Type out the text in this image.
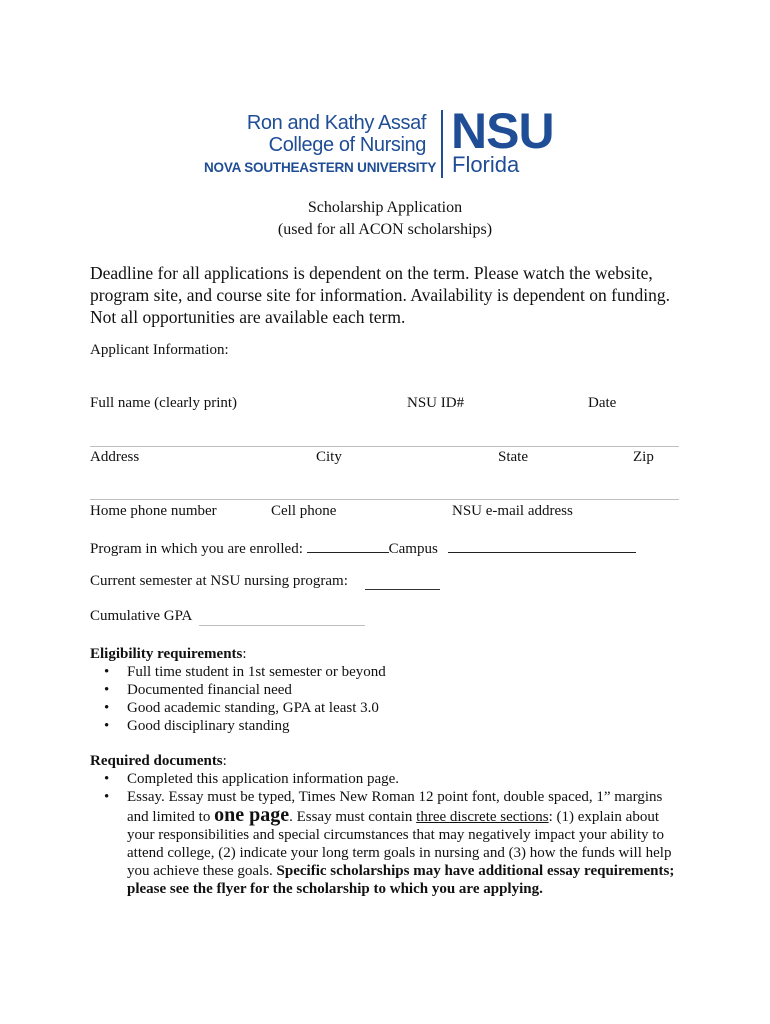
Ron and Kathy Assaf
College of Nursing
NOVA SOUTHEASTERN UNIVERSITY
NSU
Florida
Scholarship Application
(used for all ACON scholarships)
Deadline for all applications is dependent on the term. Please watch the website, program site, and course site for information. Availability is dependent on funding. Not all opportunities are available each term.
Applicant Information:
Full name (clearly print)	NSU ID#	Date
Address	City	State	Zip
Home phone number	Cell phone	NSU e-mail address
Program in which you are enrolled:	Campus
Current semester at NSU nursing program:
Cumulative GPA
Eligibility requirements:
• Full time student in 1st semester or beyond
• Documented financial need
• Good academic standing, GPA at least 3.0
• Good disciplinary standing
Required documents:
• Completed this application information page.
• Essay. Essay must be typed, Times New Roman 12 point font, double spaced, 1” margins and limited to one page. Essay must contain three discrete sections: (1) explain about your responsibilities and special circumstances that may negatively impact your ability to attend college, (2) indicate your long term goals in nursing and (3) how the funds will help you achieve these goals. Specific scholarships may have additional essay requirements; please see the flyer for the scholarship to which you are applying.
